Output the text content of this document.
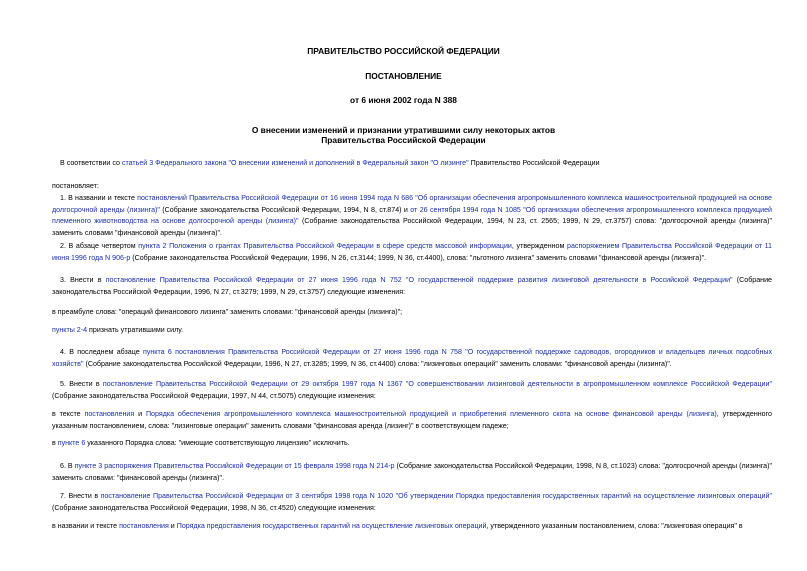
ПРАВИТЕЛЬСТВО РОССИЙСКОЙ ФЕДЕРАЦИИ
ПОСТАНОВЛЕНИЕ
от 6 июня 2002 года N 388
О внесении изменений и признании утратившими силу некоторых актов
Правительства Российской Федерации
В соответствии со статьей 3 Федерального закона "О внесении изменений и дополнений в Федеральный закон "О лизинге" Правительство Российской Федерации
постановляет:
1. В названии и тексте постановлений Правительства Российской Федерации от 16 июня 1994 года N 686 "Об организации обеспечения агропромышленного комплекса машиностроительной продукцией на основе долгосрочной аренды (лизинга)" (Собрание законодательства Российской Федерации, 1994, N 8, ст.874) и от 26 сентября 1994 года N 1085 "Об организации обеспечения агропромышленного комплекса продукцией племенного животноводства на основе долгосрочной аренды (лизинга)" (Собрание законодательства Российской Федерации, 1994, N 23, ст. 2565; 1999, N 29, ст.3757) слова: "долгосрочной аренды (лизинга)" заменить словами "финансовой аренды (лизинга)".
2. В абзаце четвертом пункта 2 Положения о грантах Правительства Российской Федерации в сфере средств массовой информации, утвержденном распоряжением Правительства Российской Федерации от 11 июня 1996 года N 906-р (Собрание законодательства Российской Федерации, 1996, N 26, ст.3144; 1999, N 36, ст.4400), слова: "льготного лизинга" заменить словами "финансовой аренды (лизинга)".
3. Внести в постановление Правительства Российской Федерации от 27 июня 1996 года N 752 "О государственной поддержке развития лизинговой деятельности в Российской Федерации" (Собрание законодательства Российской Федерации, 1996, N 27, ст.3279; 1999, N 29, ст.3757) следующие изменения:
в преамбуле слова: "операций финансового лизинга" заменить словами: "финансовой аренды (лизинга)";
пункты 2-4 признать утратившими силу.
4. В последнем абзаце пункта 6 постановления Правительства Российской Федерации от 27 июня 1996 года N 758 "О государственной поддержке садоводов, огородников и владельцев личных подсобных хозяйств" (Собрание законодательства Российской Федерации, 1996, N 27, ст.3285; 1999, N 36, ст.4400) слова: "лизинговых операций" заменить словами: "финансовой аренды (лизинга)".
5. Внести в постановление Правительства Российской Федерации от 29 октября 1997 года N 1367 "О совершенствовании лизинговой деятельности в агропромышленном комплексе Российской Федерации" (Собрание законодательства Российской Федерации, 1997, N 44, ст.5075) следующие изменения:
в тексте постановления и Порядка обеспечения агропромышленного комплекса машиностроительной продукцией и приобретения племенного скота на основе финансовой аренды (лизинга), утвержденного указанным постановлением, слова: "лизинговые операции" заменить словами "финансовая аренда (лизинг)" в соответствующем падеже;
в пункте 6 указанного Порядка слова: "имеющие соответствующую лицензию" исключить.
6. В пункте 3 распоряжения Правительства Российской Федерации от 15 февраля 1998 года N 214-р (Собрание законодательства Российской Федерации, 1998, N 8, ст.1023) слова: "долгосрочной аренды (лизинга)" заменить словами: "финансовой аренды (лизинга)".
7. Внести в постановление Правительства Российской Федерации от 3 сентября 1998 года N 1020 "Об утверждении Порядка предоставления государственных гарантий на осуществление лизинговых операций" (Собрание законодательства Российской Федерации, 1998, N 36, ст.4520) следующие изменения:
в названии и тексте постановления и Порядка предоставления государственных гарантий на осуществление лизинговых операций, утвержденного указанным постановлением, слова: "лизинговая операция" в
